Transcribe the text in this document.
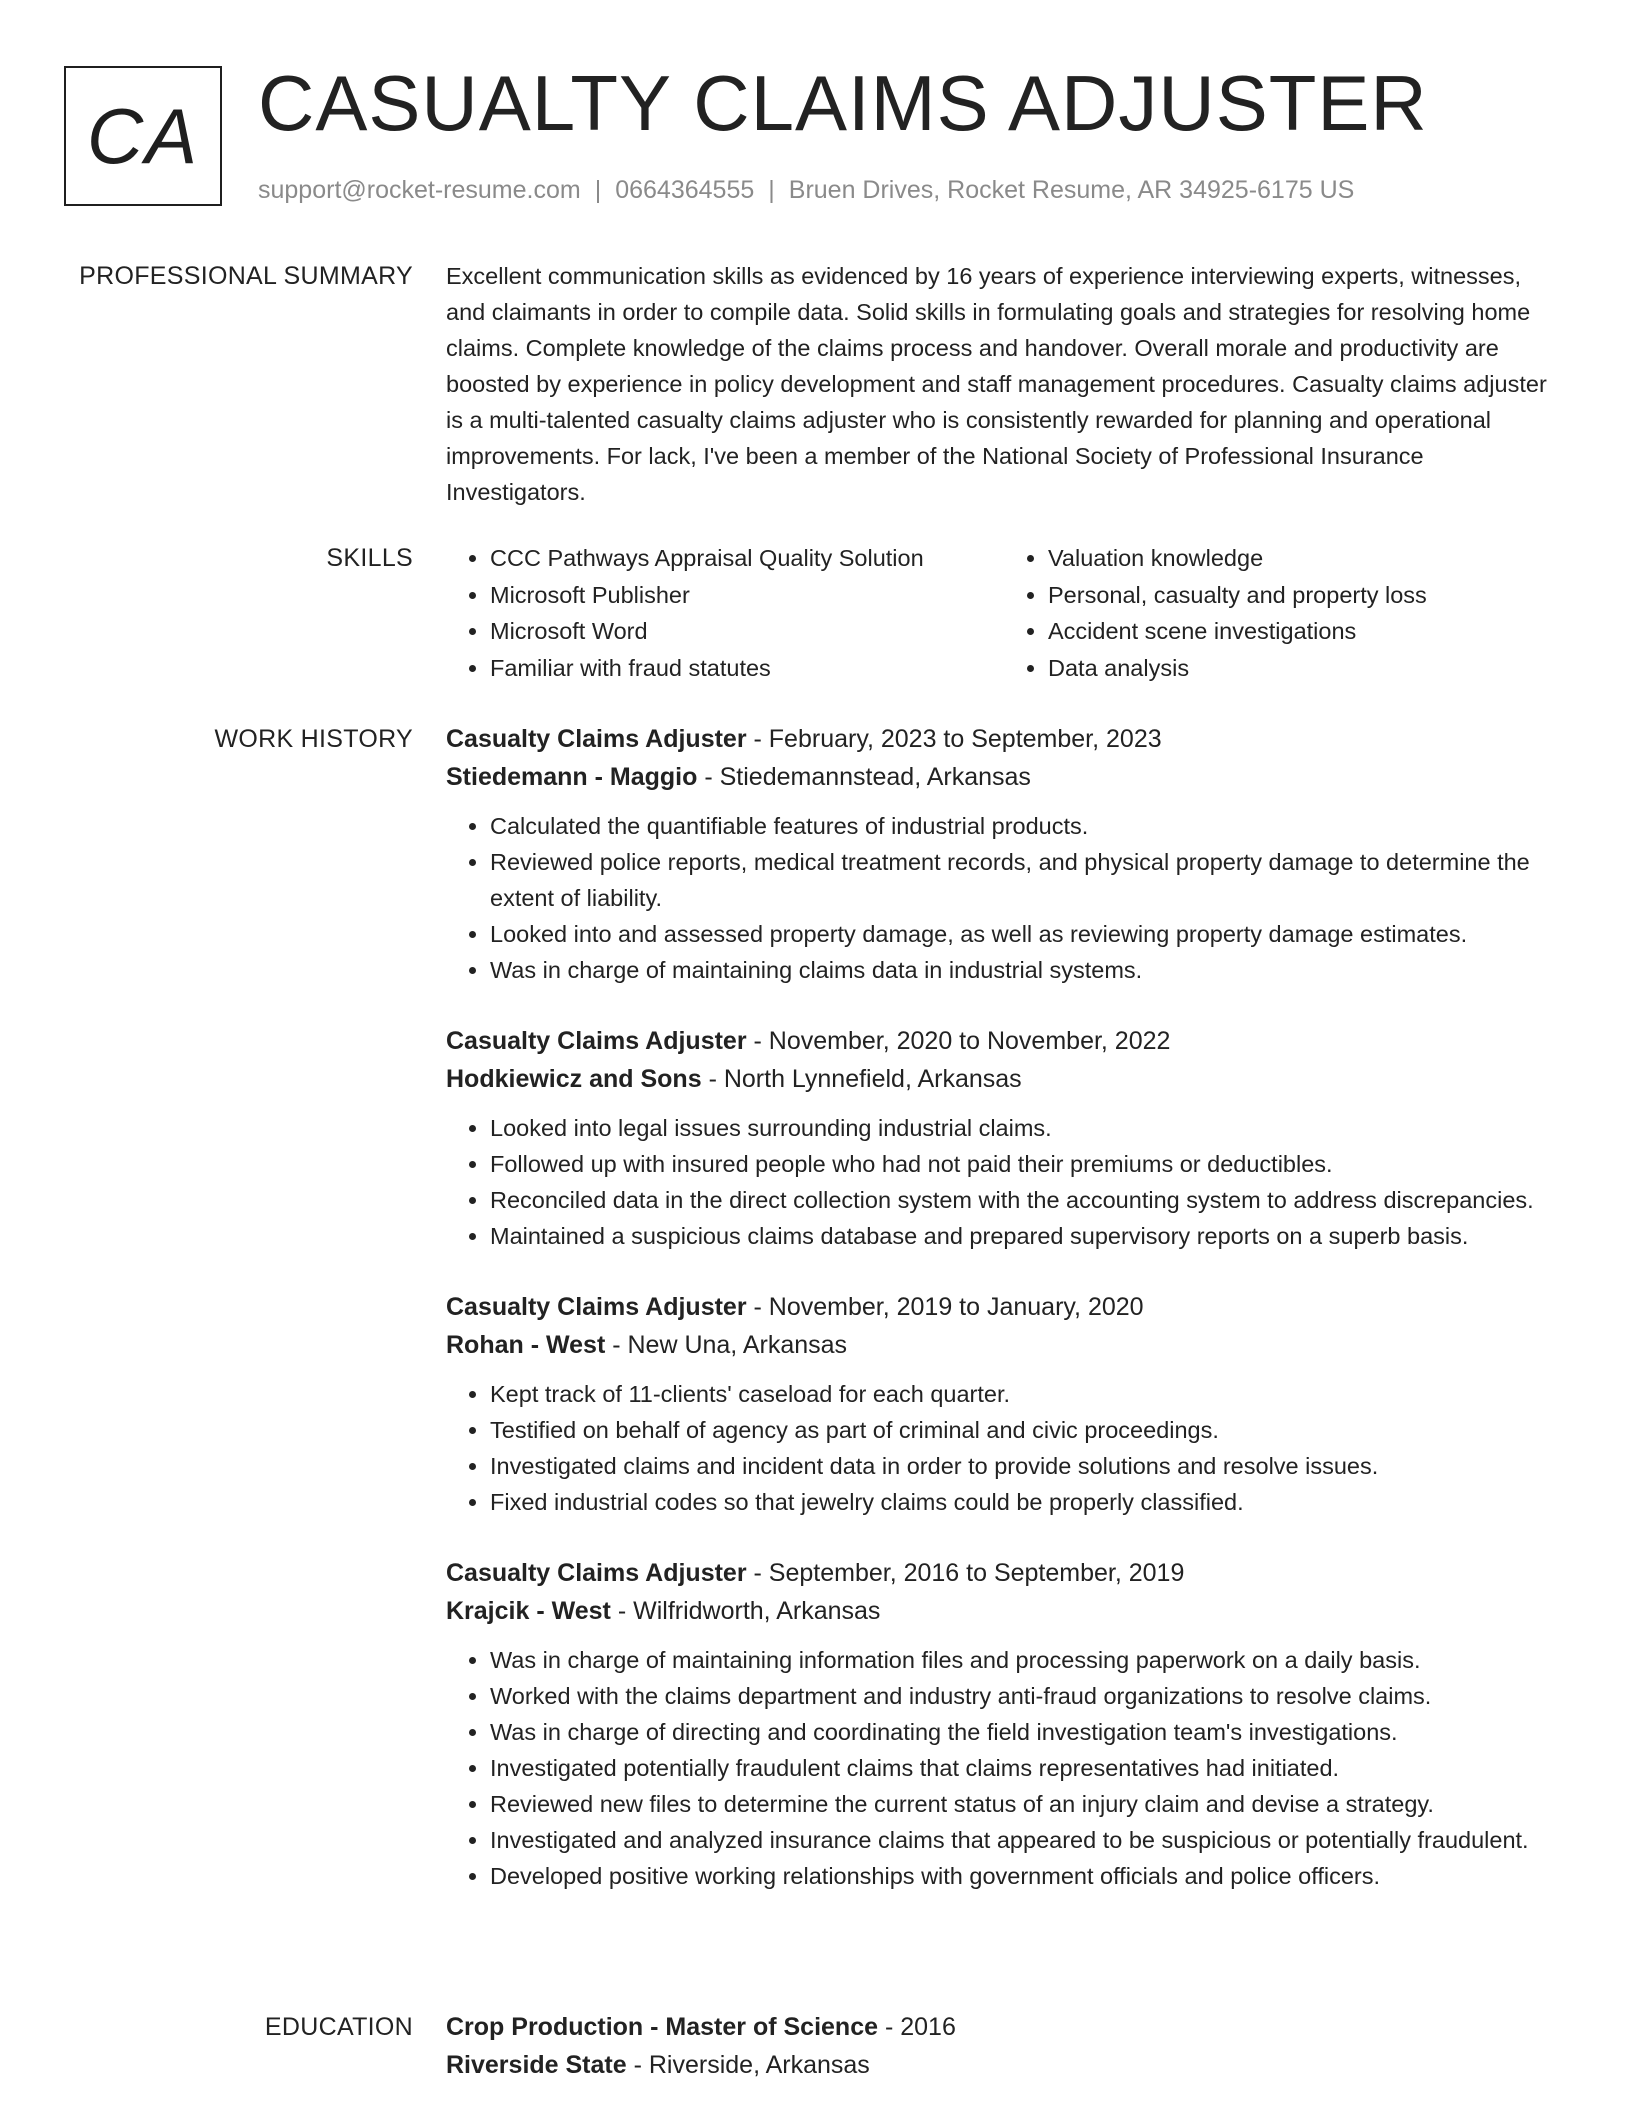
CA CASUALTY CLAIMS ADJUSTER
support@rocket-resume.com | 0664364555 | Bruen Drives, Rocket Resume, AR 34925-6175 US
PROFESSIONAL SUMMARY Excellent communication skills as evidenced by 16 years of experience interviewing experts, witnesses, and claimants in order to compile data. Solid skills in formulating goals and strategies for resolving home claims. Complete knowledge of the claims process and handover. Overall morale and productivity are boosted by experience in policy development and staff management procedures. Casualty claims adjuster is a multi-talented casualty claims adjuster who is consistently rewarded for planning and operational improvements. For lack, I've been a member of the National Society of Professional Insurance Investigators.

SKILLS
•	CCC Pathways Appraisal Quality Solution
• Microsoft Publisher
• Microsoft Word
• Familiar with fraud statutes
• Valuation knowledge
• Personal, casualty and property loss
• Accident scene investigations
• Data analysis
WORK HISTORY Casualty Claims Adjuster - February, 2023 to September, 2023
Stiedemann - Maggio - Stiedemannstead, Arkansas
• Calculated the quantifiable features of industrial products.
• Reviewed police reports, medical treatment records, and physical property damage to determine the extent of liability.
• Looked into and assessed property damage, as well as reviewing property damage estimates.
• Was in charge of maintaining claims data in industrial systems.
Casualty Claims Adjuster - November, 2020 to November, 2022
Hodkiewicz and Sons - North Lynnefield, Arkansas
• Looked into legal issues surrounding industrial claims.
• Followed up with insured people who had not paid their premiums or deductibles.
• Reconciled data in the direct collection system with the accounting system to address discrepancies.
• Maintained a suspicious claims database and prepared supervisory reports on a superb basis.
Casualty Claims Adjuster - November, 2019 to January, 2020
Rohan - West - New Una, Arkansas
• Kept track of 11-clients' caseload for each quarter.
• Testified on behalf of agency as part of criminal and civic proceedings.
• Investigated claims and incident data in order to provide solutions and resolve issues.
• Fixed industrial codes so that jewelry claims could be properly classified.
Casualty Claims Adjuster - September, 2016 to September, 2019
Krajcik - West - Wilfridworth, Arkansas
• Was in charge of maintaining information files and processing paperwork on a daily basis.
• Worked with the claims department and industry anti-fraud organizations to resolve claims.
• Was in charge of directing and coordinating the field investigation team's investigations.
• Investigated potentially fraudulent claims that claims representatives had initiated.
• Reviewed new files to determine the current status of an injury claim and devise a strategy.
• Investigated and analyzed insurance claims that appeared to be suspicious or potentially fraudulent.
• Developed positive working relationships with government officials and police officers.
EDUCATION Crop Production - Master of Science - 2016
Riverside State - Riverside, Arkansas
